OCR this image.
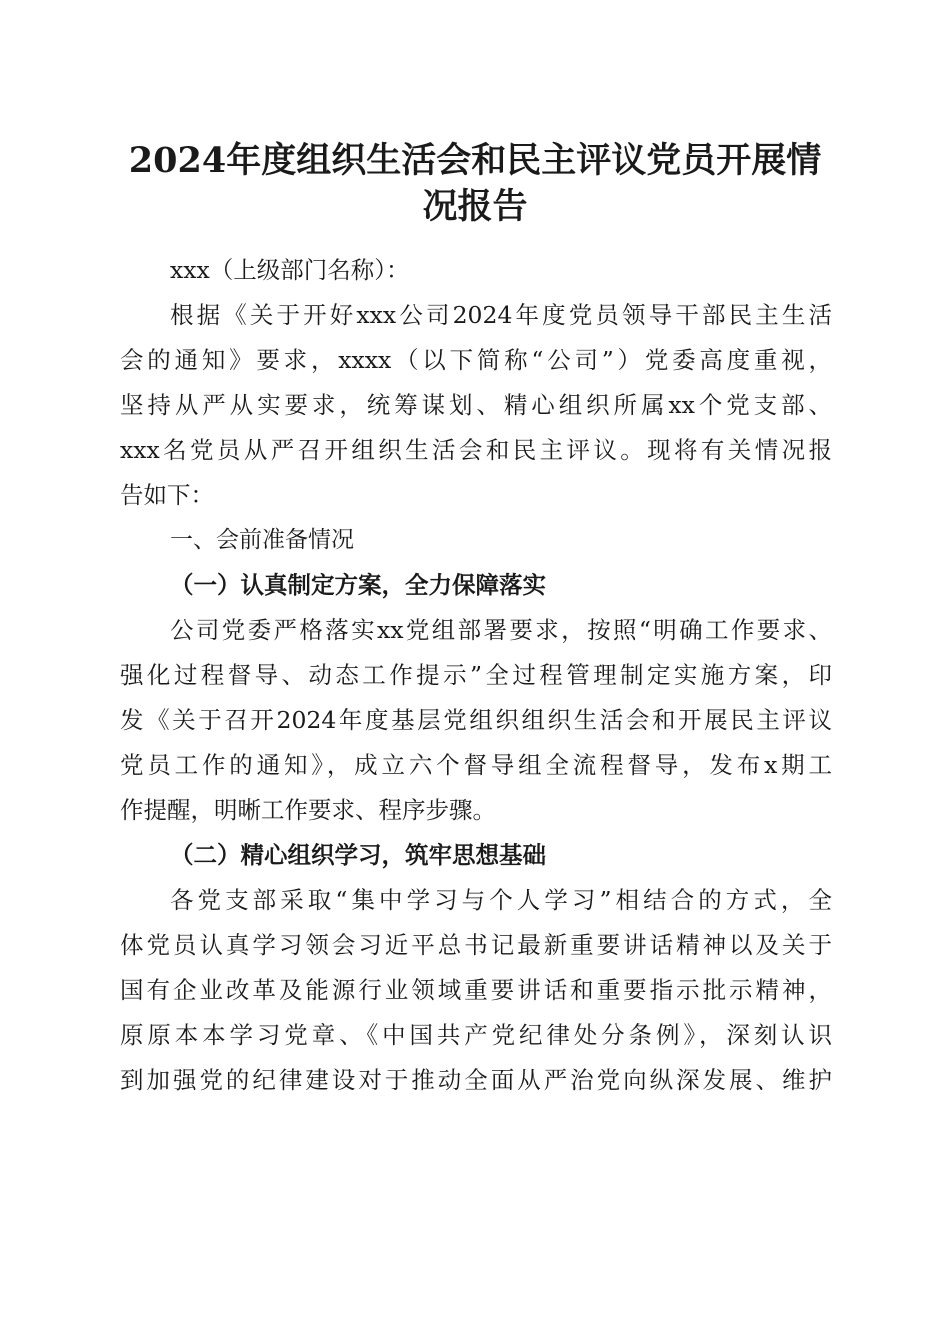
2024年度组织生活会和民主评议党员开展情
况报告
xxx（上级部门名称）：
根据《关于开好xxx公司2024年度党员领导干部民主生活
会的通知》要求，xxxx（以下简称“公司”）党委高度重视，
坚持从严从实要求，统筹谋划、精心组织所属xx个党支部、
xxx名党员从严召开组织生活会和民主评议。现将有关情况报
告如下：
一、会前准备情况
（一）认真制定方案，全力保障落实
公司党委严格落实xx党组部署要求，按照“明确工作要求、
强化过程督导、动态工作提示”全过程管理制定实施方案，印
发《关于召开2024年度基层党组织组织生活会和开展民主评议
党员工作的通知》，成立六个督导组全流程督导，发布x期工
作提醒，明晰工作要求、程序步骤。
（二）精心组织学习，筑牢思想基础
各党支部采取“集中学习与个人学习”相结合的方式，全
体党员认真学习领会习近平总书记最新重要讲话精神以及关于
国有企业改革及能源行业领域重要讲话和重要指示批示精神，
原原本本学习党章、《中国共产党纪律处分条例》，深刻认识
到加强党的纪律建设对于推动全面从严治党向纵深发展、维护
